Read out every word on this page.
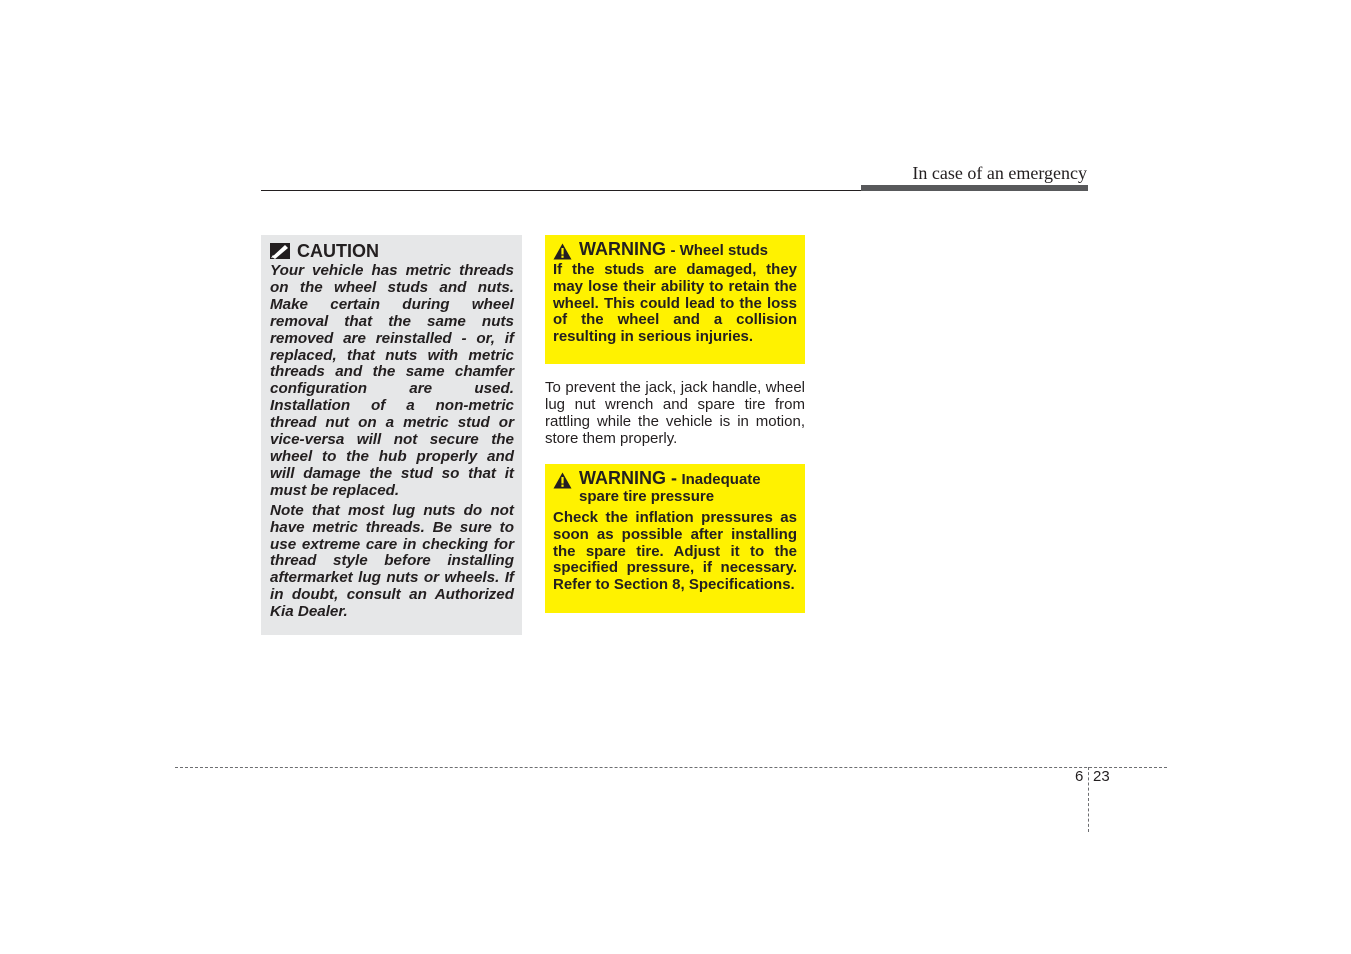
In case of an emergency
CAUTION

Your vehicle has metric threads on the wheel studs and nuts. Make certain during wheel removal that the same nuts removed are reinstalled - or, if replaced, that nuts with metric threads and the same chamfer configuration are used. Installation of a non-metric thread nut on a metric stud or vice-versa will not secure the wheel to the hub properly and will damage the stud so that it must be replaced.

Note that most lug nuts do not have metric threads. Be sure to use extreme care in checking for thread style before installing aftermarket lug nuts or wheels. If in doubt, consult an Authorized Kia Dealer.

WARNING - Wheel studs

If the studs are damaged, they may lose their ability to retain the wheel. This could lead to the loss of the wheel and a collision resulting in serious injuries.

To prevent the jack, jack handle, wheel lug nut wrench and spare tire from rattling while the vehicle is in motion, store them properly.

WARNING - Inadequate spare tire pressure

Check the inflation pressures as soon as possible after installing the spare tire. Adjust it to the specified pressure, if necessary. Refer to Section 8, Specifications.

6 23
